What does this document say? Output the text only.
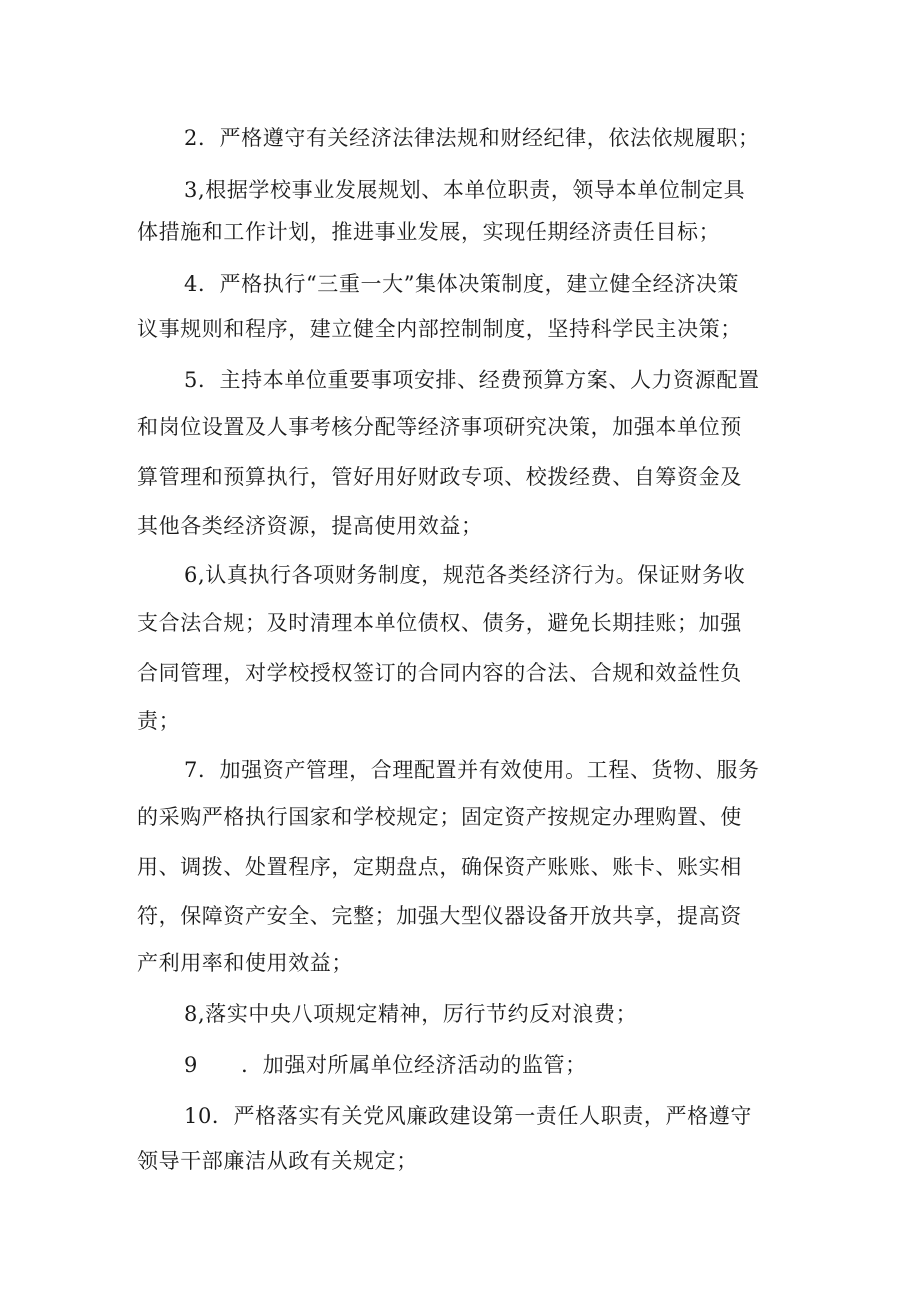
2．严格遵守有关经济法律法规和财经纪律，依法依规履职；
3,根据学校事业发展规划、本单位职责，领导本单位制定具
体措施和工作计划，推进事业发展，实现任期经济责任目标；
4．严格执行“三重一大”集体决策制度，建立健全经济决策
议事规则和程序，建立健全内部控制制度，坚持科学民主决策；
5．主持本单位重要事项安排、经费预算方案、人力资源配置
和岗位设置及人事考核分配等经济事项研究决策，加强本单位预
算管理和预算执行，管好用好财政专项、校拨经费、自筹资金及
其他各类经济资源，提高使用效益；
6,认真执行各项财务制度，规范各类经济行为。保证财务收
支合法合规；及时清理本单位债权、债务，避免长期挂账；加强
合同管理，对学校授权签订的合同内容的合法、合规和效益性负
责；
7．加强资产管理，合理配置并有效使用。工程、货物、服务
的采购严格执行国家和学校规定；固定资产按规定办理购置、使
用、调拨、处置程序，定期盘点，确保资产账账、账卡、账实相
符，保障资产安全、完整；加强大型仪器设备开放共享，提高资
产利用率和使用效益；
8,落实中央八项规定精神，厉行节约反对浪费；
9　　．加强对所属单位经济活动的监管；
10．严格落实有关党风廉政建设第一责任人职责，严格遵守
领导干部廉洁从政有关规定；
